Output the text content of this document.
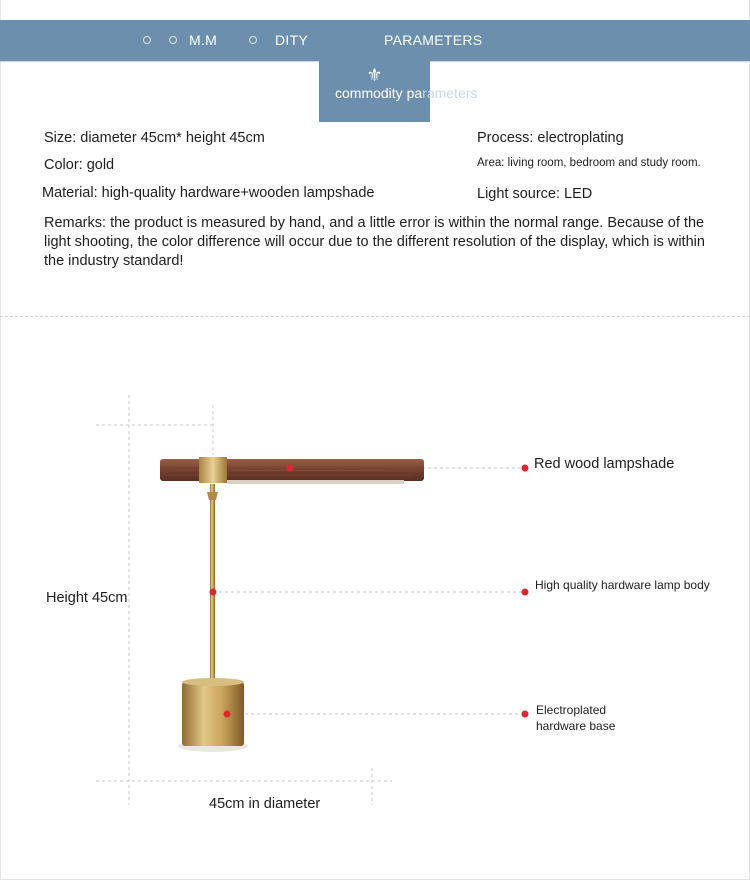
M.M	DITY	PARAMETERS
⚜
commodity parameters
Size: diameter 45cm* height 45cm
Color: gold
Material: high-quality hardware+wooden lampshade
Process: electroplating
Area: living room, bedroom and study room.
Light source: LED
Remarks: the product is measured by hand, and a little error is within the normal range. Because of the light shooting, the color difference will occur due to the different resolution of the display, which is within the industry standard!
Red wood lampshade
High quality hardware lamp body
Electroplated
hardware base
Height 45cm
45cm in diameter
